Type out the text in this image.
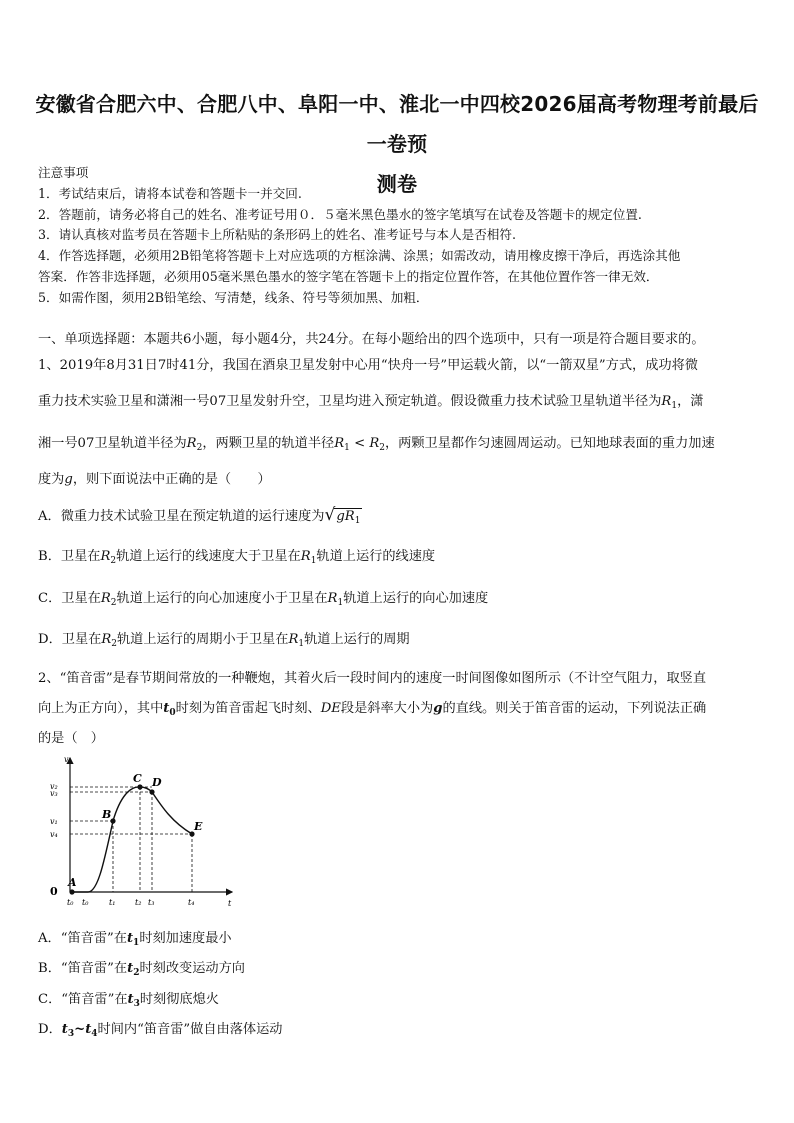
安徽省合肥六中、合肥八中、阜阳一中、淮北一中四校2026届高考物理考前最后一卷预
测卷
注意事项
1．考试结束后，请将本试卷和答题卡一并交回.
2．答题前，请务必将自己的姓名、准考证号用０．５毫米黑色墨水的签字笔填写在试卷及答题卡的规定位置.
3．请认真核对监考员在答题卡上所粘贴的条形码上的姓名、准考证号与本人是否相符.
4．作答选择题，必须用2B铅笔将答题卡上对应选项的方框涂满、涂黑；如需改动，请用橡皮擦干净后，再选涂其他
答案．作答非选择题，必须用05毫米黑色墨水的签字笔在答题卡上的指定位置作答，在其他位置作答一律无效．
5．如需作图，须用2B铅笔绘、写清楚，线条、符号等须加黑、加粗．
一、单项选择题：本题共6小题，每小题4分，共24分。在每小题给出的四个选项中，只有一项是符合题目要求的。
1、2019年8月31日7时41分，我国在酒泉卫星发射中心用“快舟一号”甲运载火箭，以“一箭双星”方式，成功将微
重力技术实验卫星和潇湘一号07卫星发射升空，卫星均进入预定轨道。假设微重力技术试验卫星轨道半径为$R_1$，潇
湘一号07卫星轨道半径为$R_2$，两颗卫星的轨道半径$R_1 < R_2$，两颗卫星都作匀速圆周运动。已知地球表面的重力加速
度为g，则下面说法中正确的是（　　）
A．微重力技术试验卫星在预定轨道的运行速度为$√gR_1$
B．卫星在$R_2$轨道上运行的线速度大于卫星在$R_1$轨道上运行的线速度
C．卫星在$R_2$轨道上运行的向心加速度小于卫星在$R_1$轨道上运行的向心加速度
D．卫星在$R_2$轨道上运行的周期小于卫星在$R_1$轨道上运行的周期
2、“笛音雷”是春节期间常放的一种鞭炮，其着火后一段时间内的速度一时间图像如图所示（不计空气阻力，取竖直
向上为正方向），其中$t_0$时刻为笛音雷起飞时刻、DE段是斜率大小为g的直线。则关于笛音雷的运动，下列说法正确
的是（　）
A
B
C D
E
v
t
v₂
v₃
v₁
v₄
t₀ t₀	t₁ t₂ t₃	t₄
0
A．“笛音雷”在$t_1$时刻加速度最小
B．“笛音雷”在$t_2$时刻改变运动方向
C．“笛音雷”在$t_3$时刻彻底熄火
D．$t_3\sim t_4$时间内“笛音雷”做自由落体运动
